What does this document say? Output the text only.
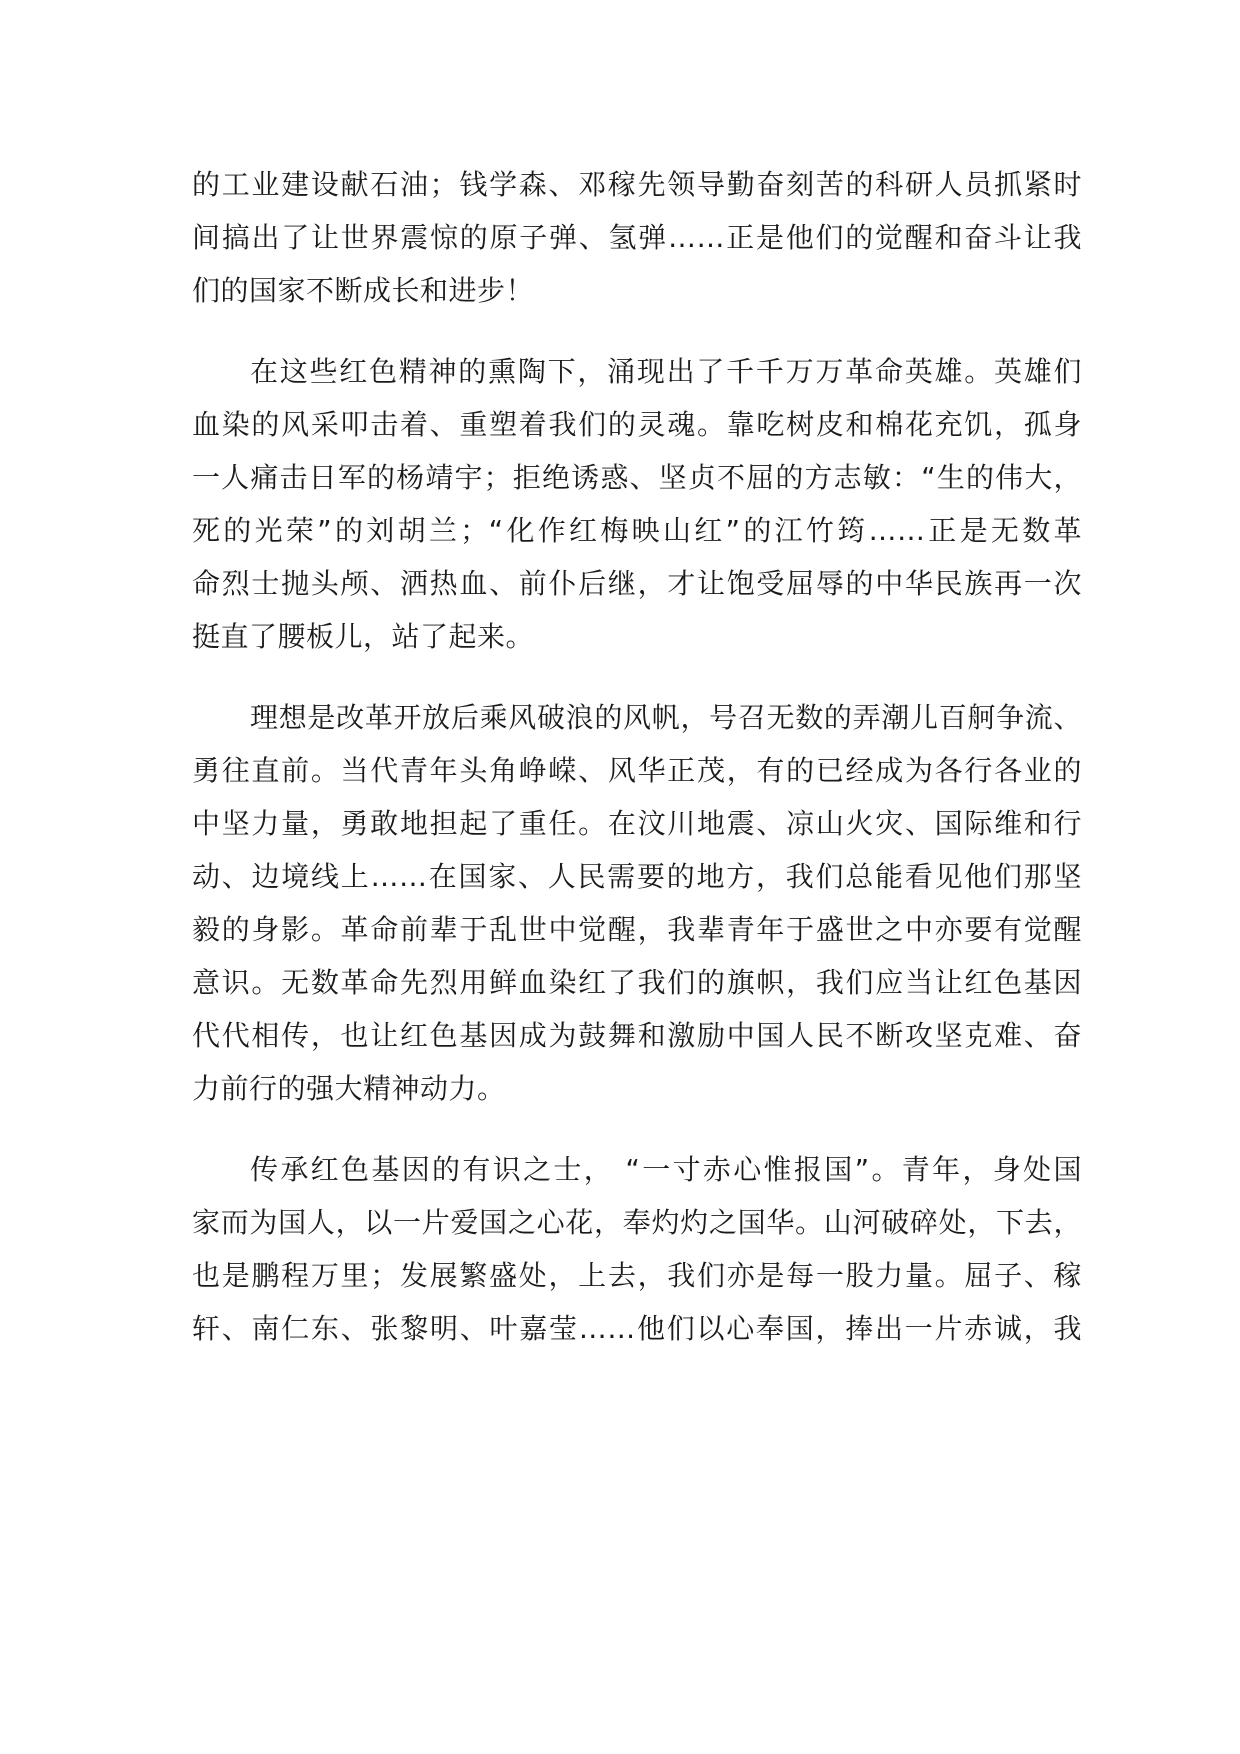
的工业建设献石油；钱学森、邓稼先领导勤奋刻苦的科研人员抓紧时
间搞出了让世界震惊的原子弹、氢弹……正是他们的觉醒和奋斗让我
们的国家不断成长和进步！
在这些红色精神的熏陶下，涌现出了千千万万革命英雄。英雄们
血染的风采叩击着、重塑着我们的灵魂。靠吃树皮和棉花充饥，孤身
一人痛击日军的杨靖宇；拒绝诱惑、坚贞不屈的方志敏：“生的伟大，
死的光荣”的刘胡兰；“化作红梅映山红”的江竹筠……正是无数革
命烈士抛头颅、洒热血、前仆后继，才让饱受屈辱的中华民族再一次
挺直了腰板儿，站了起来。
理想是改革开放后乘风破浪的风帆，号召无数的弄潮儿百舸争流、
勇往直前。当代青年头角峥嵘、风华正茂，有的已经成为各行各业的
中坚力量，勇敢地担起了重任。在汶川地震、凉山火灾、国际维和行
动、边境线上……在国家、人民需要的地方，我们总能看见他们那坚
毅的身影。革命前辈于乱世中觉醒，我辈青年于盛世之中亦要有觉醒
意识。无数革命先烈用鲜血染红了我们的旗帜，我们应当让红色基因
代代相传，也让红色基因成为鼓舞和激励中国人民不断攻坚克难、奋
力前行的强大精神动力。
传承红色基因的有识之士， “一寸赤心惟报国”。青年，身处国
家而为国人，以一片爱国之心花，奉灼灼之国华。山河破碎处，下去，
也是鹏程万里；发展繁盛处，上去，我们亦是每一股力量。屈子、稼
轩、南仁东、张黎明、叶嘉莹……他们以心奉国，捧出一片赤诚，我
